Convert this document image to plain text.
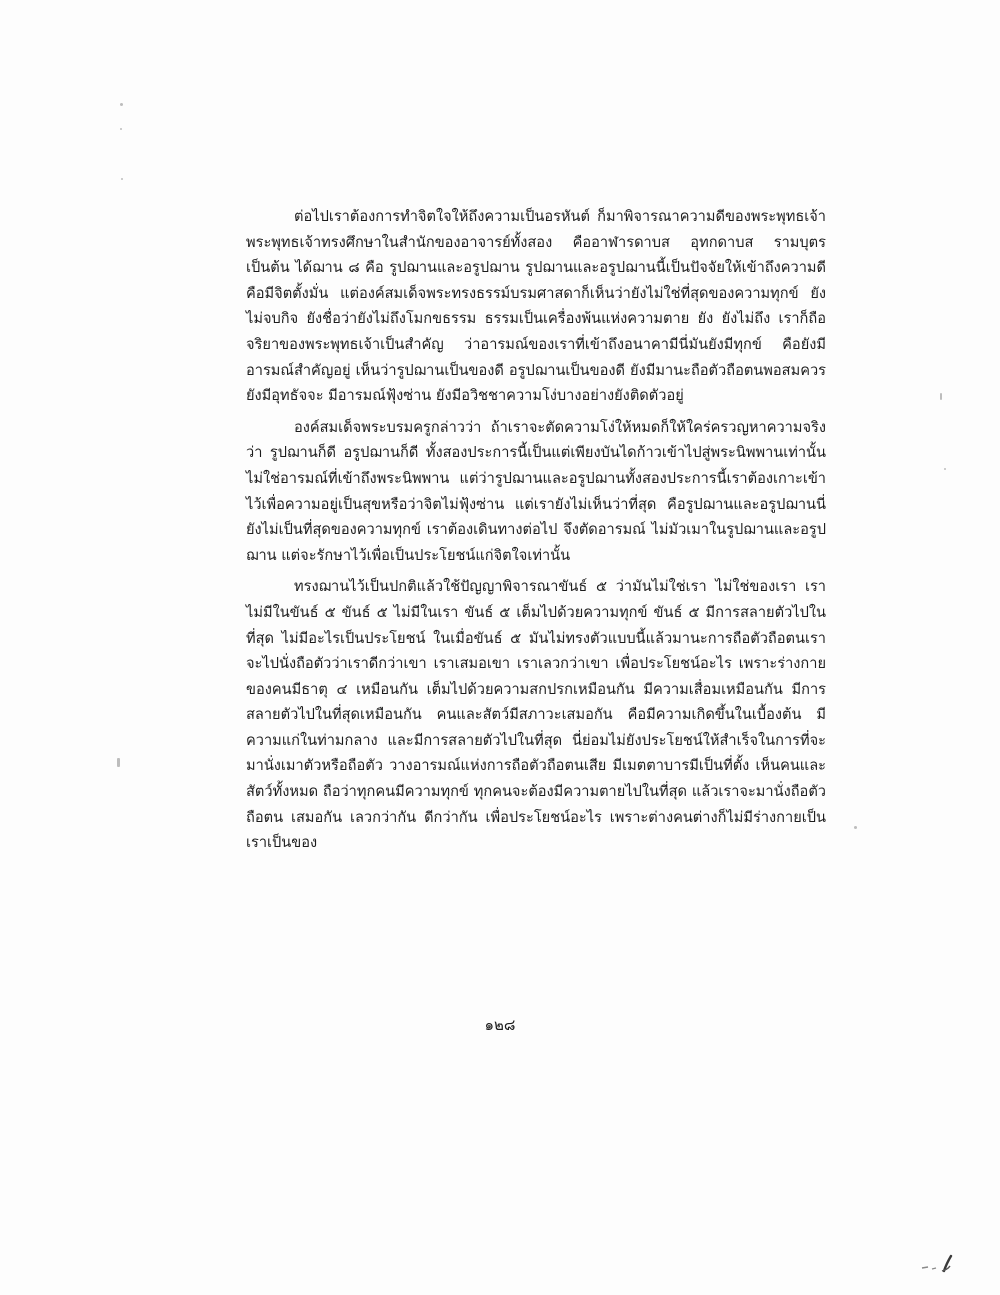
ต่อไปเราต้องการทำจิตใจให้ถึงความเป็นอรหันต์ ก็มาพิจารณาความดีของพระพุทธเจ้า พระพุทธเจ้าทรงศึกษาในสำนักของอาจารย์ทั้งสอง คืออาฬารดาบส อุทกดาบส รามบุตร เป็นต้น ได้ฌาน ๘ คือ รูปฌานและอรูปฌาน รูปฌานและอรูปฌานนี้เป็นปัจจัยให้เข้าถึงความดี คือมีจิตตั้งมั่น แต่องค์สมเด็จพระทรงธรรม์บรมศาสดาก็เห็นว่ายังไม่ใช่ที่สุดของความทุกข์ ยังไม่จบกิจ ยังชื่อว่ายังไม่ถึงโมกขธรรม ธรรมเป็นเครื่องพ้นแห่งความตาย ยัง ยังไม่ถึง เราก็ถือจริยาของพระพุทธเจ้าเป็นสำคัญ ว่าอารมณ์ของเราที่เข้าถึงอนาคามีนี่มันยังมีทุกข์ คือยังมีอารมณ์สำคัญอยู่ เห็นว่ารูปฌานเป็นของดี อรูปฌานเป็นของดี ยังมีมานะถือตัวถือตนพอสมควร ยังมีอุทธัจจะ มีอารมณ์ฟุ้งซ่าน ยังมีอวิชชาความโง่บางอย่างยังติดตัวอยู่

องค์สมเด็จพระบรมครูกล่าวว่า ถ้าเราจะตัดความโง่ให้หมดก็ให้ใคร่ครวญหาความจริงว่า รูปฌานก็ดี อรูปฌานก็ดี ทั้งสองประการนี้เป็นแต่เพียงบันไดก้าวเข้าไปสู่พระนิพพานเท่านั้น ไม่ใช่อารมณ์ที่เข้าถึงพระนิพพาน แต่ว่ารูปฌานและอรูปฌานทั้งสองประการนี้เราต้องเกาะเข้าไว้เพื่อความอยู่เป็นสุขหรือว่าจิตไม่ฟุ้งซ่าน แต่เรายังไม่เห็นว่าที่สุด คือรูปฌานและอรูปฌานนี่ยังไม่เป็นที่สุดของความทุกข์ เราต้องเดินทางต่อไป จึงตัดอารมณ์ ไม่มัวเมาในรูปฌานและอรูปฌาน แต่จะรักษาไว้เพื่อเป็นประโยชน์แก่จิตใจเท่านั้น

ทรงฌานไว้เป็นปกติแล้วใช้ปัญญาพิจารณาขันธ์ ๕ ว่ามันไม่ใช่เรา ไม่ใช่ของเรา เราไม่มีในขันธ์ ๕ ขันธ์ ๕ ไม่มีในเรา ขันธ์ ๕ เต็มไปด้วยความทุกข์ ขันธ์ ๕ มีการสลายตัวไปในที่สุด ไม่มีอะไรเป็นประโยชน์ ในเมื่อขันธ์ ๕ มันไม่ทรงตัวแบบนี้แล้วมานะการถือตัวถือตนเราจะไปนั่งถือตัวว่าเราดีกว่าเขา เราเสมอเขา เราเลวกว่าเขา เพื่อประโยชน์อะไร เพราะร่างกายของคนมีธาตุ ๔ เหมือนกัน เต็มไปด้วยความสกปรกเหมือนกัน มีความเสื่อมเหมือนกัน มีการสลายตัวไปในที่สุดเหมือนกัน คนและสัตว์มีสภาวะเสมอกัน คือมีความเกิดขึ้นในเบื้องต้น มีความแก่ในท่ามกลาง และมีการสลายตัวไปในที่สุด นี่ย่อมไม่ยังประโยชน์ให้สำเร็จในการที่จะมานั่งเมาตัวหรือถือตัว วางอารมณ์แห่งการถือตัวถือตนเสีย มีเมตตาบารมีเป็นที่ตั้ง เห็นคนและสัตว์ทั้งหมด ถือว่าทุกคนมีความทุกข์ ทุกคนจะต้องมีความตายไปในที่สุด แล้วเราจะมานั่งถือตัวถือตน เสมอกัน เลวกว่ากัน ดีกว่ากัน เพื่อประโยชน์อะไร เพราะต่างคนต่างก็ไม่มีร่างกายเป็นเราเป็นของ

๑๒๘
